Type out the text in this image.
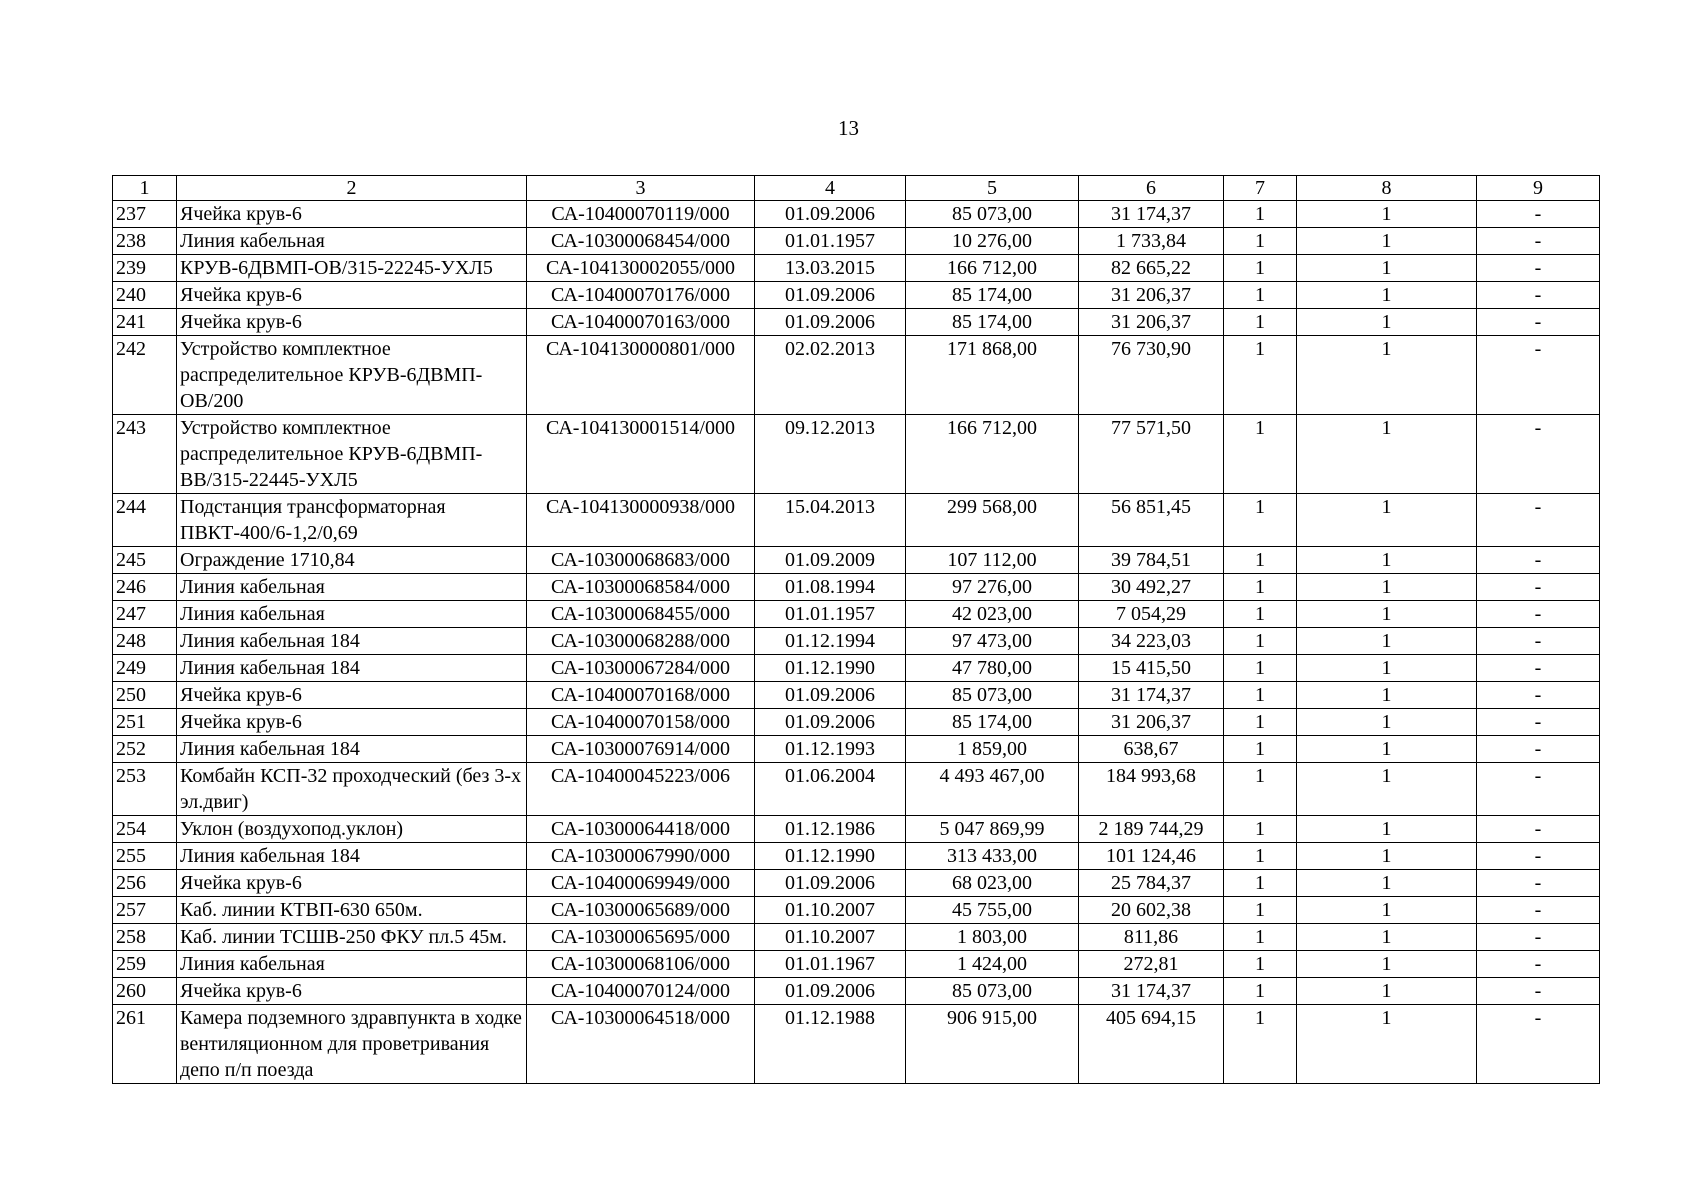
13
1	2	3	4	5	6	7	8	9
237	Ячейка крув-6	СА-10400070119/000	01.09.2006	85 073,00	31 174,37	1	1	-
238	Линия кабельная	СА-10300068454/000	01.01.1957	10 276,00	1 733,84	1	1	-
239	КРУВ-6ДВМП-ОВ/315-22245-УХЛ5	СА-104130002055/000	13.03.2015	166 712,00	82 665,22	1	1	-
240	Ячейка крув-6	СА-10400070176/000	01.09.2006	85 174,00	31 206,37	1	1	-
241	Ячейка крув-6	СА-10400070163/000	01.09.2006	85 174,00	31 206,37	1	1	-
242	Устройство комплектное распределительное КРУВ-6ДВМП-ОВ/200	СА-104130000801/000	02.02.2013	171 868,00	76 730,90	1	1	-
243	Устройство комплектное распределительное КРУВ-6ДВМП-ВВ/315-22445-УХЛ5	СА-104130001514/000	09.12.2013	166 712,00	77 571,50	1	1	-
244	Подстанция трансформаторная ПВКТ-400/6-1,2/0,69	СА-104130000938/000	15.04.2013	299 568,00	56 851,45	1	1	-
245	Ограждение 1710,84	СА-10300068683/000	01.09.2009	107 112,00	39 784,51	1	1	-
246	Линия кабельная	СА-10300068584/000	01.08.1994	97 276,00	30 492,27	1	1	-
247	Линия кабельная	СА-10300068455/000	01.01.1957	42 023,00	7 054,29	1	1	-
248	Линия кабельная 184	СА-10300068288/000	01.12.1994	97 473,00	34 223,03	1	1	-
249	Линия кабельная 184	СА-10300067284/000	01.12.1990	47 780,00	15 415,50	1	1	-
250	Ячейка крув-6	СА-10400070168/000	01.09.2006	85 073,00	31 174,37	1	1	-
251	Ячейка крув-6	СА-10400070158/000	01.09.2006	85 174,00	31 206,37	1	1	-
252	Линия кабельная 184	СА-10300076914/000	01.12.1993	1 859,00	638,67	1	1	-
253	Комбайн КСП-32 проходческий (без 3-х эл.двиг)	СА-10400045223/006	01.06.2004	4 493 467,00	184 993,68	1	1	-
254	Уклон (воздухопод.уклон)	СА-10300064418/000	01.12.1986	5 047 869,99	2 189 744,29	1	1	-
255	Линия кабельная 184	СА-10300067990/000	01.12.1990	313 433,00	101 124,46	1	1	-
256	Ячейка крув-6	СА-10400069949/000	01.09.2006	68 023,00	25 784,37	1	1	-
257	Каб. линии КТВП-630 650м.	СА-10300065689/000	01.10.2007	45 755,00	20 602,38	1	1	-
258	Каб. линии ТСШВ-250 ФКУ пл.5 45м.	СА-10300065695/000	01.10.2007	1 803,00	811,86	1	1	-
259	Линия кабельная	СА-10300068106/000	01.01.1967	1 424,00	272,81	1	1	-
260	Ячейка крув-6	СА-10400070124/000	01.09.2006	85 073,00	31 174,37	1	1	-
261	Камера подземного здравпункта в ходке вентиляционном для проветривания депо п/п поезда	СА-10300064518/000	01.12.1988	906 915,00	405 694,15	1	1	-
